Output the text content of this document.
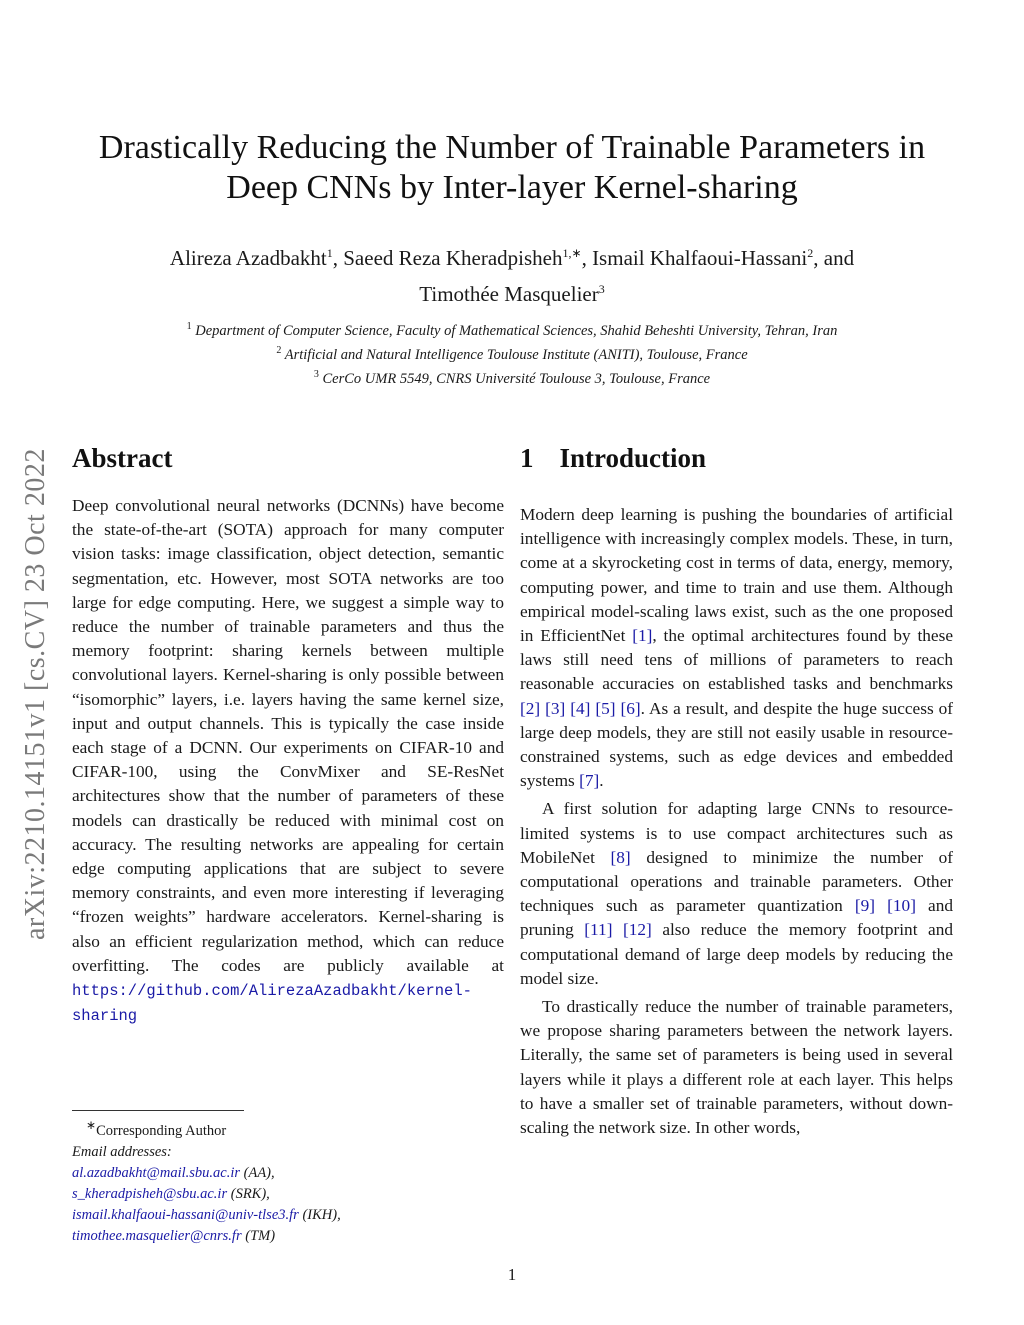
arXiv:2210.14151v1 [cs.CV] 23 Oct 2022
Drastically Reducing the Number of Trainable Parameters in
Deep CNNs by Inter-layer Kernel-sharing
Alireza Azadbakht$^1$, Saeed Reza Kheradpisheh$^{1,∗}$, Ismail Khalfaoui-Hassani$^2$, and
Timothée Masquelier$^3$
$^1$ Department of Computer Science, Faculty of Mathematical Sciences, Shahid Beheshti University, Tehran, Iran
$^2$ Artificial and Natural Intelligence Toulouse Institute (ANITI), Toulouse, France
$^3$ CerCo UMR 5549, CNRS Université Toulouse 3, Toulouse, France
Abstract	1 Introduction

Deep convolutional neural networks (DCNNs) have become the state-of-the-art (SOTA) approach for many computer vision tasks: image classification, object detection, semantic segmentation, etc. However, most SOTA networks are too large for edge computing. Here, we suggest a simple way to reduce the number of trainable parameters and thus the memory footprint: sharing kernels between multiple convolutional layers. Kernel-sharing is only possible between “isomorphic” layers, i.e. layers having the same kernel size, input and output channels. This is typically the case inside each stage of a DCNN. Our experiments on CIFAR-10 and CIFAR-100, using the ConvMixer and SE-ResNet architectures show that the number of parameters of these models can drastically be reduced with minimal cost on accuracy. The resulting networks are appealing for certain edge computing applications that are subject to severe memory constraints, and even more interesting if leveraging “frozen weights” hardware accelerators. Kernel-sharing is also an efficient regularization method, which can reduce overfitting. The codes are publicly available at https://github.com/AlirezaAzadbakht/kernel-sharing

Modern deep learning is pushing the boundaries of artificial intelligence with increasingly complex models. These, in turn, come at a skyrocketing cost in terms of data, energy, memory, computing power, and time to train and use them. Although empirical model-scaling laws exist, such as the one proposed in EfficientNet [1], the optimal architectures found by these laws still need tens of millions of parameters to reach reasonable accuracies on established tasks and benchmarks [2] [3] [4] [5] [6]. As a result, and despite the huge success of large deep models, they are still not easily usable in resource-constrained systems, such as edge devices and embedded systems [7].

A first solution for adapting large CNNs to resource-limited systems is to use compact architectures such as MobileNet [8] designed to minimize the number of computational operations and trainable parameters. Other techniques such as parameter quantization [9] [10] and pruning [11] [12] also reduce the memory footprint and computational demand of large deep models by reducing the model size.

To drastically reduce the number of trainable parameters, we propose sharing parameters between the network layers. Literally, the same set of parameters is being used in several layers while it plays a different role at each layer. This helps to have a smaller set of trainable parameters, without down-scaling the network size. In other words,

∗Corresponding Author
Email addresses:
al.azadbakht@mail.sbu.ac.ir (AA),
s_kheradpisheh@sbu.ac.ir (SRK),
ismail.khalfaoui-hassani@univ-tlse3.fr (IKH),
timothee.masquelier@cnrs.fr (TM)
1
